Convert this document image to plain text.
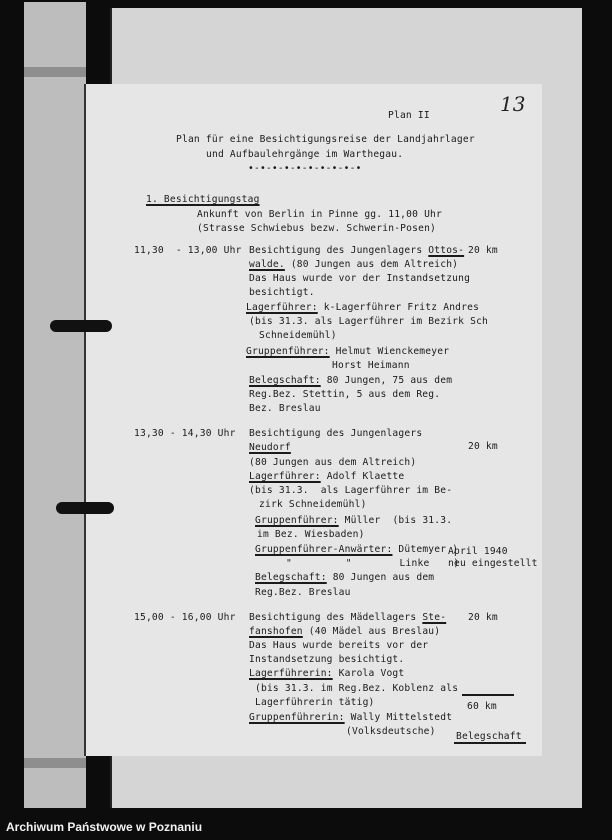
13
Plan II
Plan für eine Besichtigungsreise der Landjahrlager
und Aufbaulehrgänge im Warthegau.
•-•-•-•-•-•-•-•-•-•
1. Besichtigungstag
Ankunft von Berlin in Pinne gg. 11,00 Uhr
(Strasse Schwiebus bezw. Schwerin-Posen)
11,30  - 13,00 Uhr	20 km
Besichtigung des Jungenlagers Ottos-
walde. (80 Jungen aus dem Altreich)
Das Haus wurde vor der Instandsetzung
besichtigt.
Lagerführer: k-Lagerführer Fritz Andres
(bis 31.3. als Lagerführer im Bezirk Sch
Schneidemühl)
Gruppenführer: Helmut Wienckemeyer
Horst Heimann
Belegschaft: 80 Jungen, 75 aus dem
Reg.Bez. Stettin, 5 aus dem Reg.
Bez. Breslau
13,30 - 14,30 Uhr Besichtigung des Jungenlagers
20 km
Neudorf
(80 Jungen aus dem Altreich)
Lagerführer: Adolf Klaette
(bis 31.3.  als Lagerführer im Be-
zirk Schneidemühl)
Gruppenführer: Müller  (bis 31.3.
im Bez. Wiesbaden)
Gruppenführer-Anwärter: Dütemyer )
"         "        Linke    )
April 1940
neu eingestellt
Belegschaft: 80 Jungen aus dem
Reg.Bez. Breslau
15,00 - 16,00 Uhr	20 km
Besichtigung des Mädellagers Ste-
fanshofen (40 Mädel aus Breslau)
Das Haus wurde bereits vor der
Instandsetzung besichtigt.
Lagerführerin: Karola Vogt
(bis 31.3. im Reg.Bez. Koblenz als
Lagerführerin tätig)
Gruppenführerin: Wally Mittelstedt
(Volksdeutsche)
60 km
Belegschaft
Archiwum Państwowe w Poznaniu
